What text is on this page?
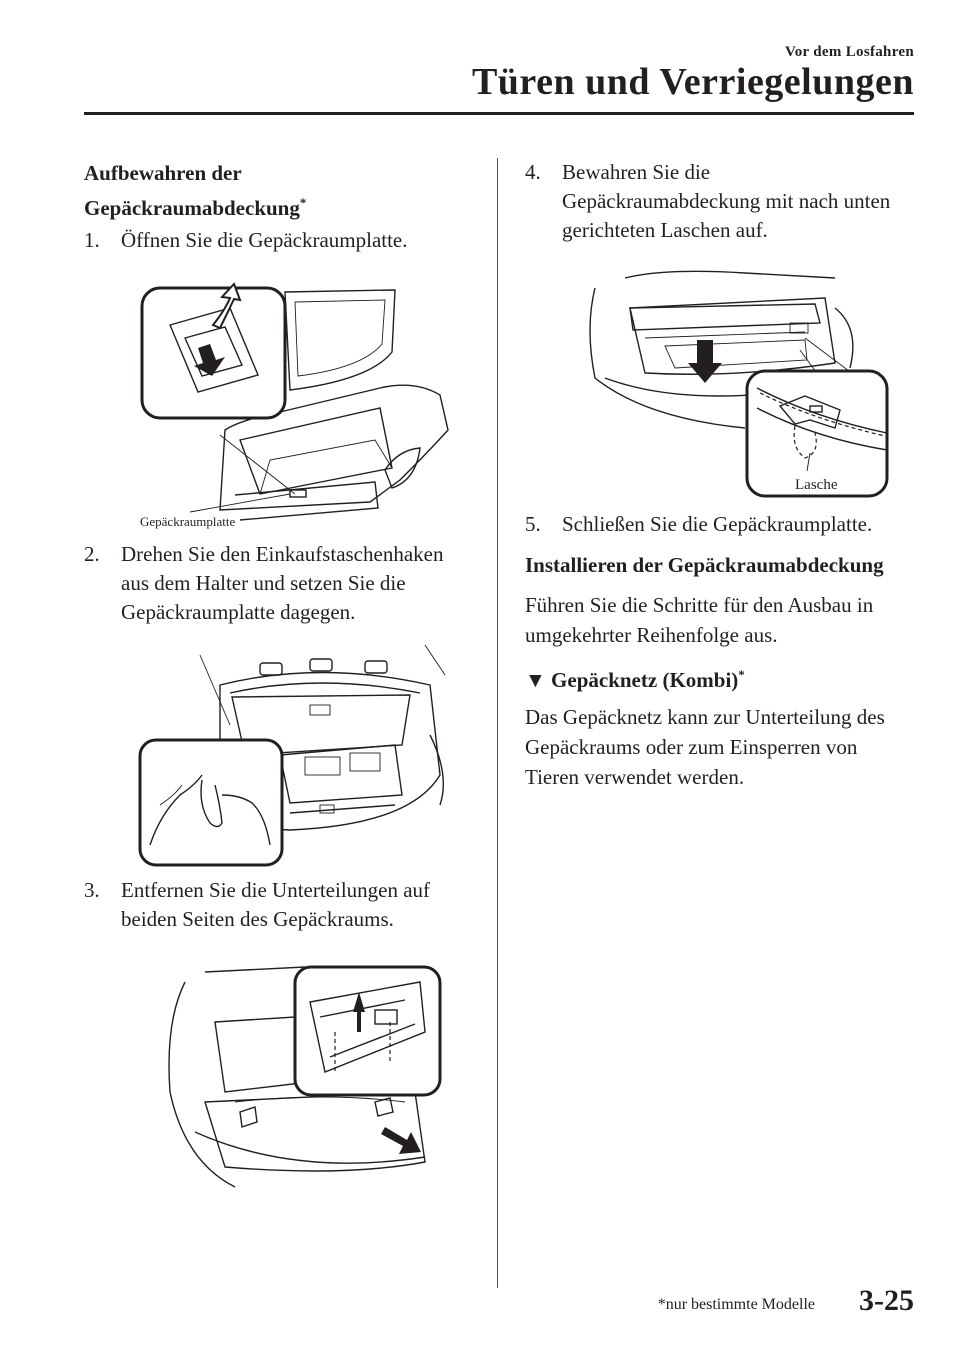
Vor dem Losfahren
Türen und Verriegelungen
Aufbewahren der
Gepäckraumabdeckung*
1. Öffnen Sie die Gepäckraumplatte.
Gepäckraumplatte
2. Drehen Sie den Einkaufstaschenhaken
aus dem Halter und setzen Sie die
Gepäckraumplatte dagegen.
3. Entfernen Sie die Unterteilungen auf
beiden Seiten des Gepäckraums.
4. Bewahren Sie die
Gepäckraumabdeckung mit nach unten
gerichteten Laschen auf.
Lasche
5. Schließen Sie die Gepäckraumplatte.
Installieren der Gepäckraumabdeckung
Führen Sie die Schritte für den Ausbau in
umgekehrter Reihenfolge aus.
▼ Gepäcknetz (Kombi)*
Das Gepäcknetz kann zur Unterteilung des
Gepäckraums oder zum Einsperren von
Tieren verwendet werden.
*nur bestimmte Modelle 3-25
